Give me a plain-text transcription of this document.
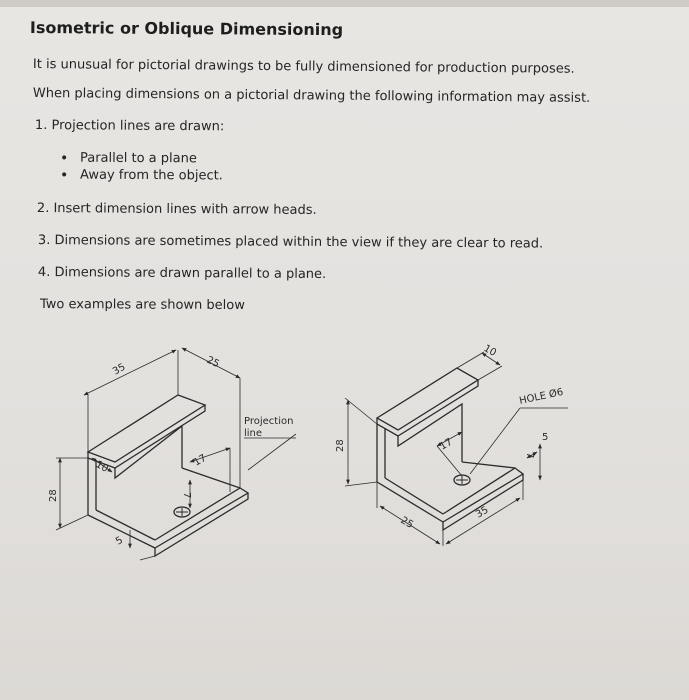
Isometric or Oblique Dimensioning
It is unusual for pictorial drawings to be fully dimensioned for production purposes.
When placing dimensions on a pictorial drawing the following information may assist.
1. Projection lines are drawn:
• Parallel to a plane
• Away from the object.
2. Insert dimension lines with arrow heads.
3. Dimensions are sometimes placed within the view if they are clear to read.
4. Dimensions are drawn parallel to a plane.
Two examples are shown below
35	25
10
28
17
7
5
Projection
line
10
28	17
25
35
7
5
HOLE Ø6
